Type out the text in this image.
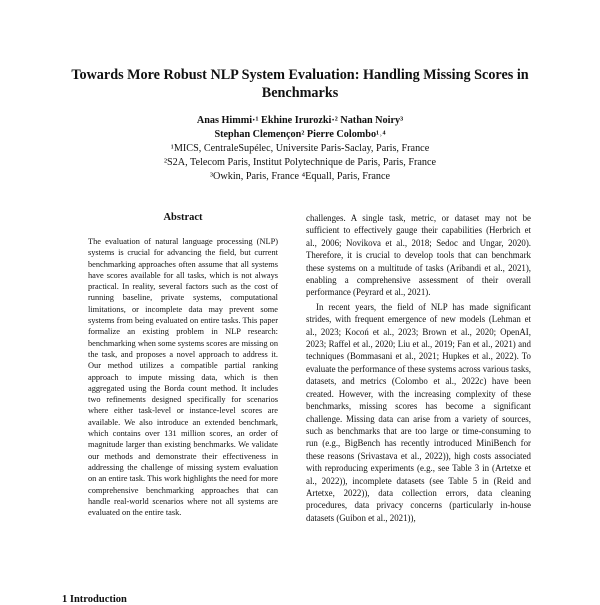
Towards More Robust NLP System Evaluation: Handling Missing Scores in Benchmarks
Anas Himmi·¹ Ekhine Irurozki·² Nathan Noiry³
Stephan Clemençon² Pierre Colombo¹˒⁴
¹MICS, CentraleSupélec, Universite Paris-Saclay, Paris, France
²S2A, Telecom Paris, Institut Polytechnique de Paris, Paris, France
³Owkin, Paris, France ⁴Equall, Paris, France
Abstract
The evaluation of natural language processing (NLP) systems is crucial for advancing the field, but current benchmarking approaches often assume that all systems have scores available for all tasks, which is not always practical. In reality, several factors such as the cost of running baseline, private systems, computational limitations, or incomplete data may prevent some systems from being evaluated on entire tasks. This paper formalize an existing problem in NLP research: benchmarking when some systems scores are missing on the task, and proposes a novel approach to address it. Our method utilizes a compatible partial ranking approach to impute missing data, which is then aggregated using the Borda count method. It includes two refinements designed specifically for scenarios where either task-level or instance-level scores are available. We also introduce an extended benchmark, which contains over 131 million scores, an order of magnitude larger than existing benchmarks. We validate our methods and demonstrate their effectiveness in addressing the challenge of missing system evaluation on an entire task. This work highlights the need for more comprehensive benchmarking approaches that can handle real-world scenarios where not all systems are evaluated on the entire task.

challenges. A single task, metric, or dataset may not be sufficient to effectively gauge their capabilities (Herbrich et al., 2006; Novikova et al., 2018; Sedoc and Ungar, 2020). Therefore, it is crucial to develop tools that can benchmark these systems on a multitude of tasks (Aribandi et al., 2021), enabling a comprehensive assessment of their overall performance (Peyrard et al., 2021).

In recent years, the field of NLP has made significant strides, with frequent emergence of new models (Lehman et al., 2023; Kocoń et al., 2023; Brown et al., 2020; OpenAI, 2023; Raffel et al., 2020; Liu et al., 2019; Fan et al., 2021) and techniques (Bommasani et al., 2021; Hupkes et al., 2022). To evaluate the performance of these systems across various tasks, datasets, and metrics (Colombo et al., 2022c) have been created. However, with the increasing complexity of these benchmarks, missing scores has become a significant challenge. Missing data can arise from a variety of sources, such as benchmarks that are too large or time-consuming to run (e.g., BigBench has recently introduced MiniBench for these reasons (Srivastava et al., 2022)), high costs associated with reproducing experiments (e.g., see Table 3 in (Artetxe et al., 2022)), incomplete datasets (see Table 5 in (Reid and Artetxe, 2022)), data collection errors, data cleaning procedures, data privacy concerns (particularly in-house datasets (Guibon et al., 2021)),

1 Introduction
